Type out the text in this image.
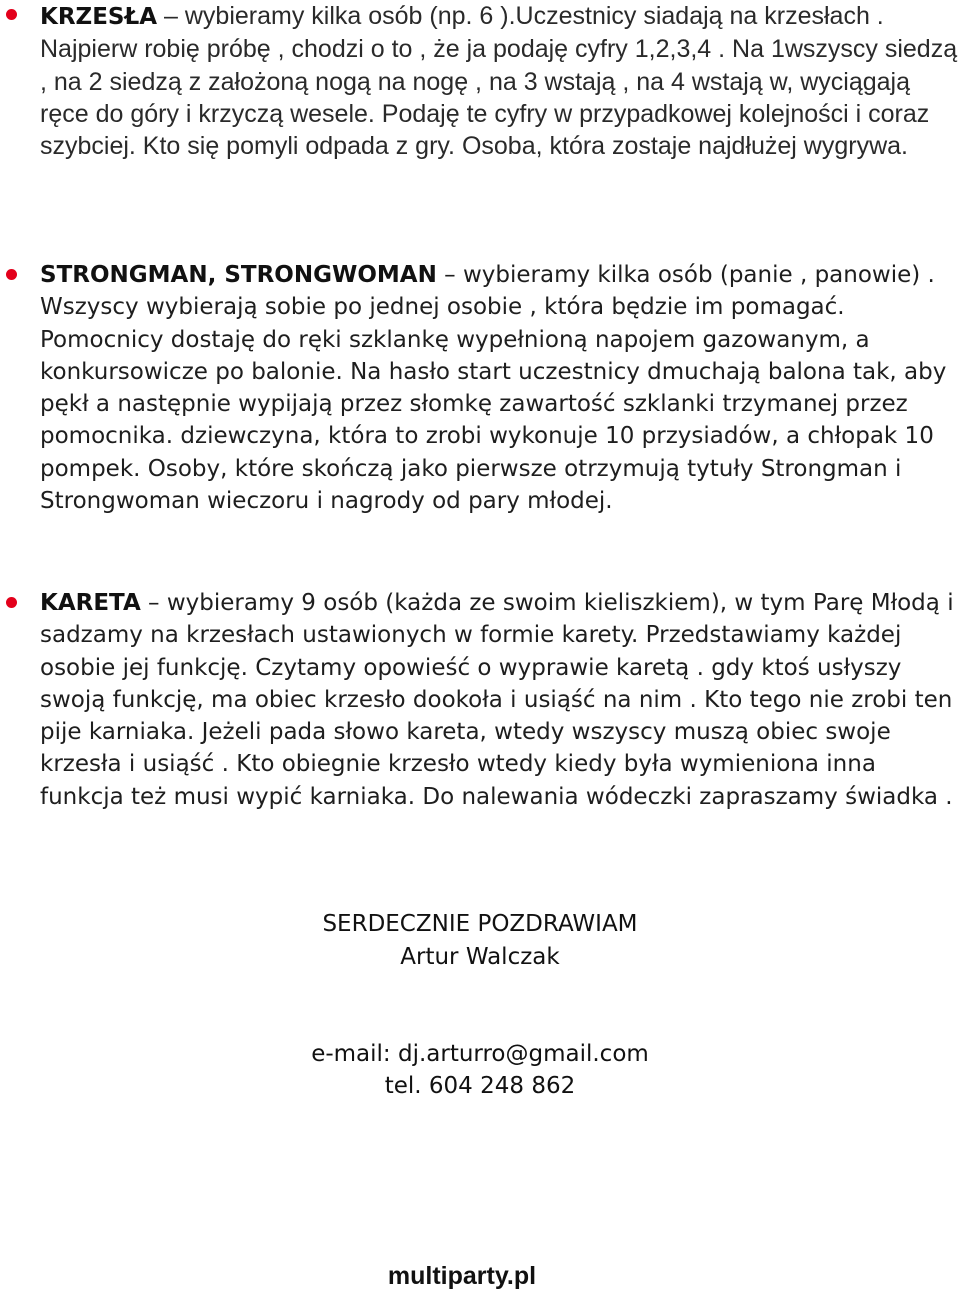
KRZESŁA – wybieramy kilka osób (np. 6 ).Uczestnicy siadają na krzesłach . Najpierw robię próbę , chodzi o to , że ja podaję cyfry 1,2,3,4 . Na 1wszyscy siedzą , na 2 siedzą z założoną nogą na nogę , na 3 wstają , na 4 wstają w, wyciągają ręce do góry i krzyczą wesele. Podaję te cyfry w przypadkowej kolejności i coraz szybciej. Kto się pomyli odpada z gry. Osoba, która zostaje najdłużej wygrywa.

STRONGMAN, STRONGWOMAN – wybieramy kilka osób (panie , panowie) . Wszyscy wybierają sobie po jednej osobie , która będzie im pomagać. Pomocnicy dostaję do ręki szklankę wypełnioną napojem gazowanym, a konkursowicze po balonie. Na hasło start uczestnicy dmuchają balona tak, aby pękł a następnie wypijają przez słomkę zawartość szklanki trzymanej przez pomocnika. dziewczyna, która to zrobi wykonuje 10 przysiadów, a chłopak 10 pompek. Osoby, które skończą jako pierwsze otrzymują tytuły Strongman i Strongwoman wieczoru i nagrody od pary młodej.

KARETA – wybieramy 9 osób (każda ze swoim kieliszkiem), w tym Parę Młodą i sadzamy na krzesłach ustawionych w formie karety. Przedstawiamy każdej osobie jej funkcję. Czytamy opowieść o wyprawie karetą . gdy ktoś usłyszy swoją funkcję, ma obiec krzesło dookoła i usiąść na nim . Kto tego nie zrobi ten pije karniaka. Jeżeli pada słowo kareta, wtedy wszyscy muszą obiec swoje krzesła i usiąść . Kto obiegnie krzesło wtedy kiedy była wymieniona inna funkcja też musi wypić karniaka. Do nalewania wódeczki zapraszamy świadka .

SERDECZNIE POZDRAWIAM
Artur Walczak
e-mail: dj.arturro@gmail.com
tel. 604 248 862
multiparty.pl
